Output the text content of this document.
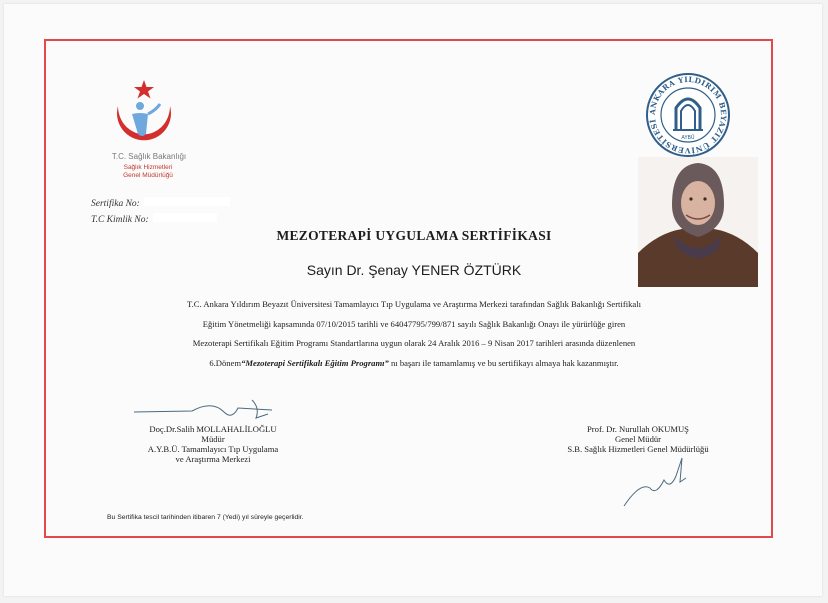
T.C. Sağlık Bakanlığı
Sağlık Hizmetleri
Genel Müdürlüğü
ANKARA YILDIRIM BEYAZIT ÜNİVERSİTESİ
AYBÜ
Sertifika No:
T.C Kimlik No:
MEZOTERAPİ UYGULAMA SERTİFİKASI
Sayın Dr. Şenay YENER ÖZTÜRK

T.C. Ankara Yıldırım Beyazıt Üniversitesi Tamamlayıcı Tıp Uygulama ve Araştırma Merkezi tarafından Sağlık Bakanlığı Sertifikalı

Eğitim Yönetmeliği kapsamında 07/10/2015 tarihli ve 64047795/799/871 sayılı Sağlık Bakanlığı Onayı ile yürürlüğe giren

Mezoterapi Sertifikalı Eğitim Programı Standartlarına uygun olarak 24 Aralık 2016 – 9 Nisan 2017 tarihleri arasında düzenlenen

6.Dönem“Mezoterapi Sertifikalı Eğitim Programı” nı başarı ile tamamlamış ve bu sertifikayı almaya hak kazanmıştır.

Doç.Dr.Salih MOLLAHALİLOĞLU
Müdür
A.Y.B.Ü. Tamamlayıcı Tıp Uygulama
ve Araştırma Merkezi
Prof. Dr. Nurullah OKUMUŞ
Genel Müdür
S.B. Sağlık Hizmetleri Genel Müdürlüğü
Bu Sertifika tescil tarihinden itibaren 7 (Yedi) yıl süreyle geçerlidir.
